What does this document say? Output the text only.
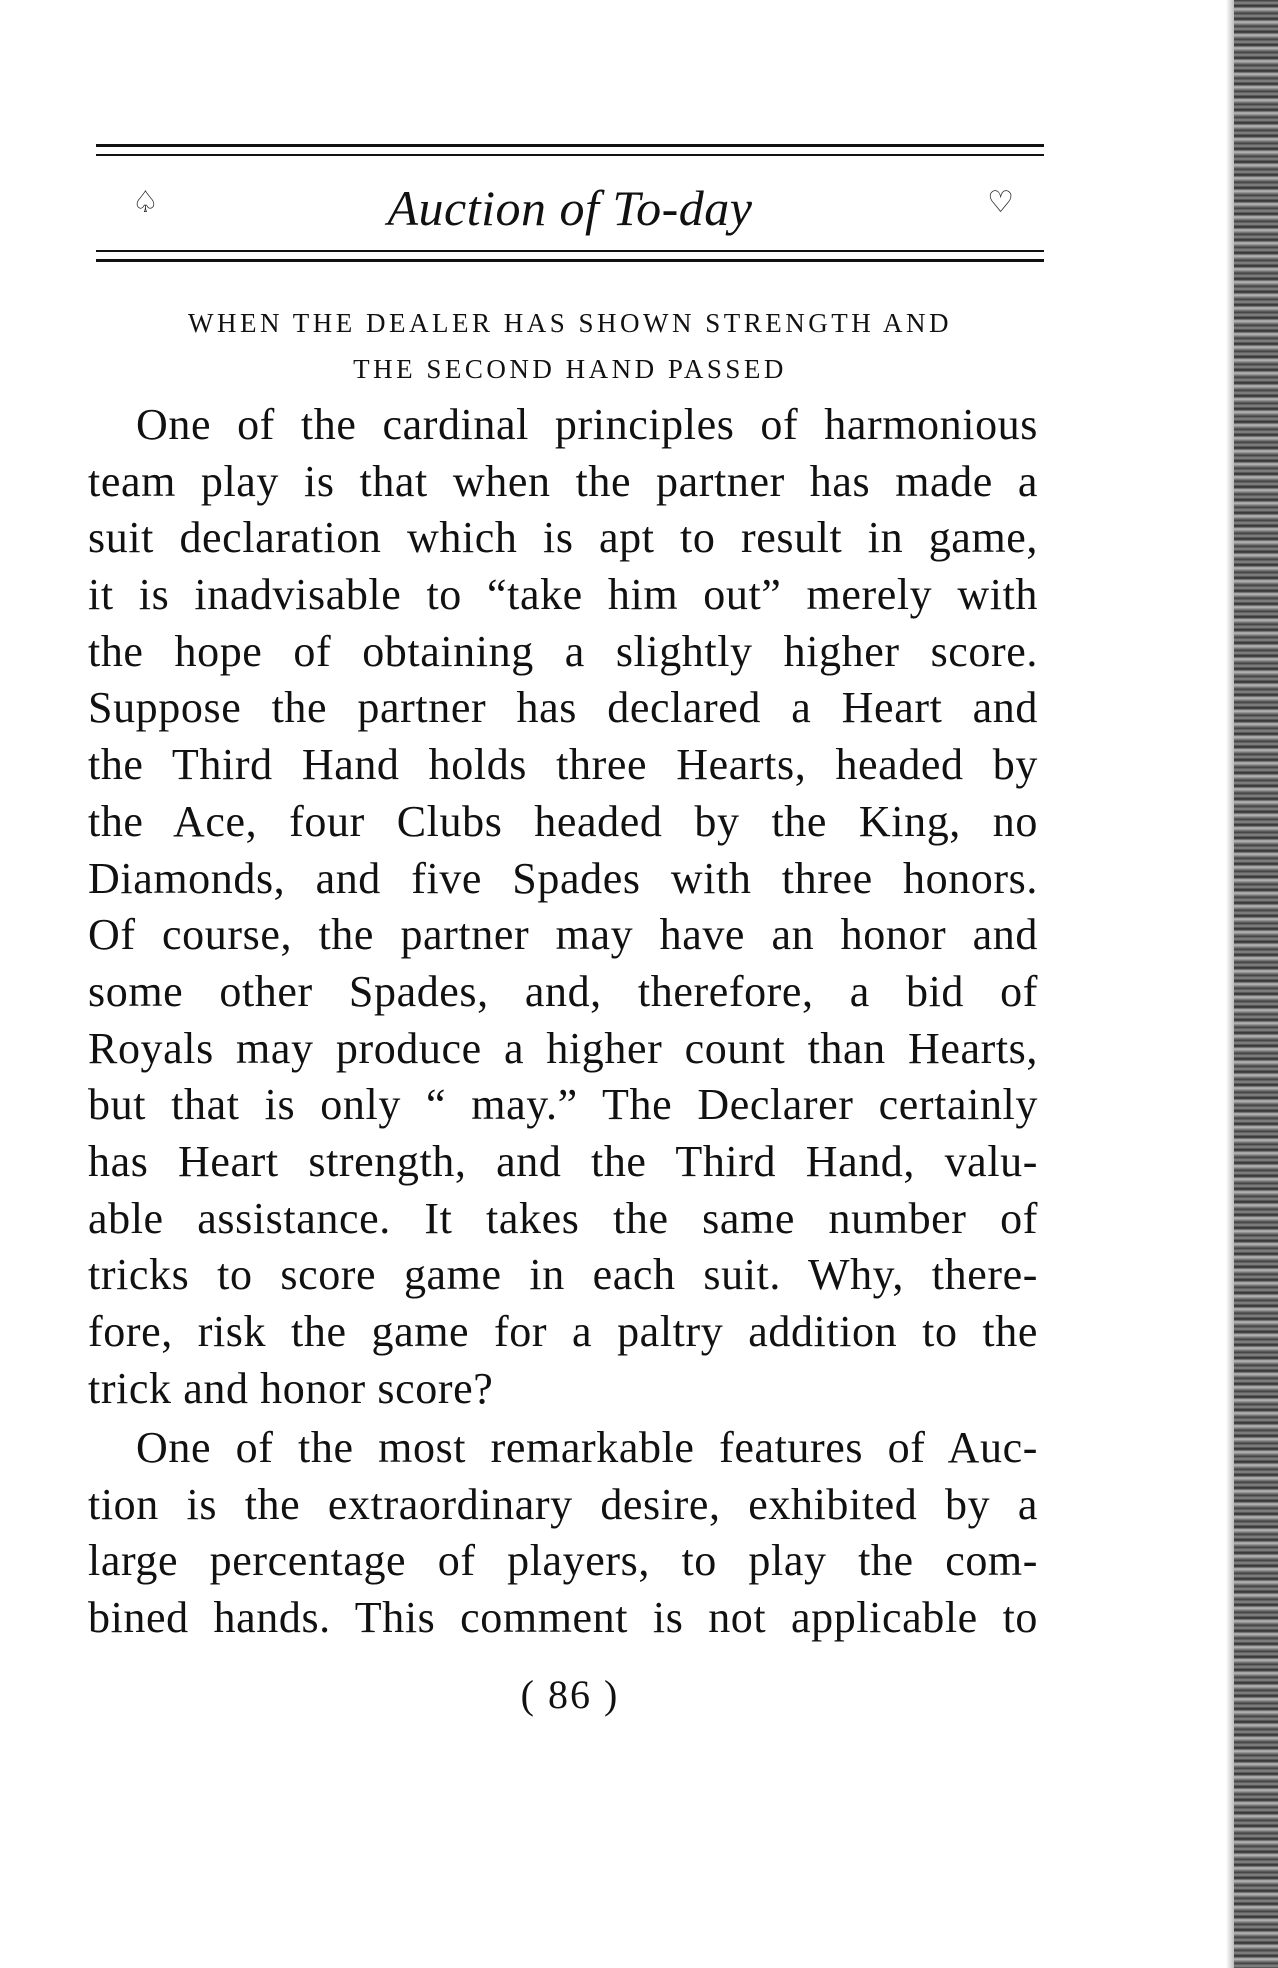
♤	Auction of To-day	♡
WHEN THE DEALER HAS SHOWN STRENGTH AND
THE SECOND HAND PASSED
One of the cardinal principles of harmonious
team play is that when the partner has made a
suit declaration which is apt to result in game,
it is inadvisable to “take him out” merely with
the hope of obtaining a slightly higher score.
Suppose the partner has declared a Heart and
the Third Hand holds three Hearts, headed by
the Ace, four Clubs headed by the King, no
Diamonds, and five Spades with three honors.
Of course, the partner may have an honor and
some other Spades, and, therefore, a bid of
Royals may produce a higher count than Hearts,
but that is only “ may.” The Declarer certainly
has Heart strength, and the Third Hand, valu-
able assistance. It takes the same number of
tricks to score game in each suit. Why, there-
fore, risk the game for a paltry addition to the
trick and honor score?
One of the most remarkable features of Auc-
tion is the extraordinary desire, exhibited by a
large percentage of players, to play the com-
bined hands. This comment is not applicable to
( 86 )
